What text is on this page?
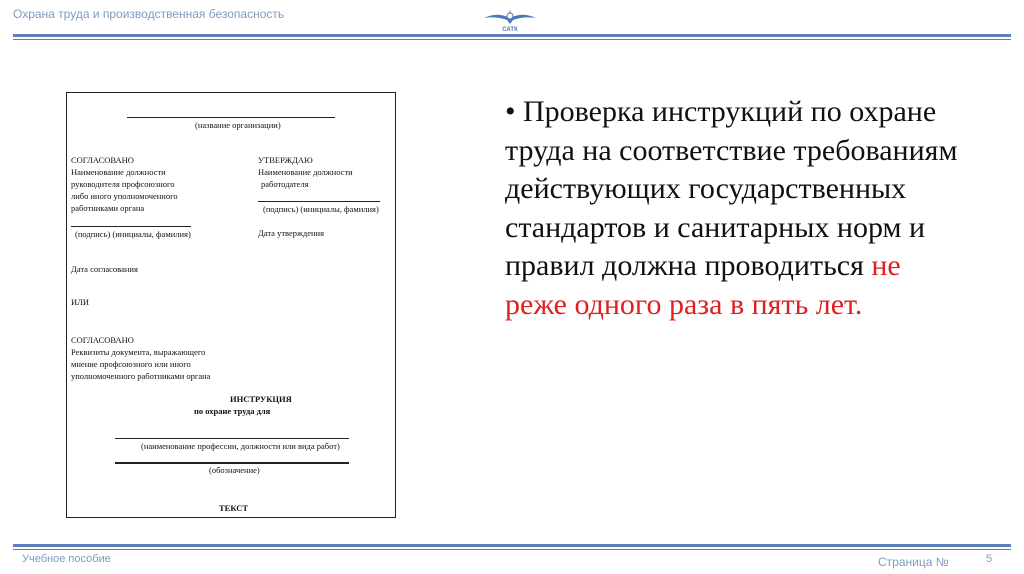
Охрана труда и производственная безопасность
САТК
(название организации)
СОГЛАСОВАНО
Наименование должности
руководителя профсоюзного
либо иного уполномоченного
работниками органа
(подпись) (инициалы, фамилия)
УТВЕРЖДАЮ
Наименование должности
работодателя
(подпись) (инициалы, фамилия)
Дата утверждения
Дата согласования
ИЛИ
СОГЛАСОВАНО
Реквизиты документа, выражающего
мнение профсоюзного или иного
уполномоченного работниками органа
ИНСТРУКЦИЯ
по охране труда для
(наименование профессии, должности или вида работ)
(обозначение)
ТЕКСТ
• Проверка инструкций по охране труда на соответствие требованиям действующих государственных стандартов и санитарных норм и правил должна проводиться не реже одного раза в пять лет.
Учебное пособие	Страница №	5
